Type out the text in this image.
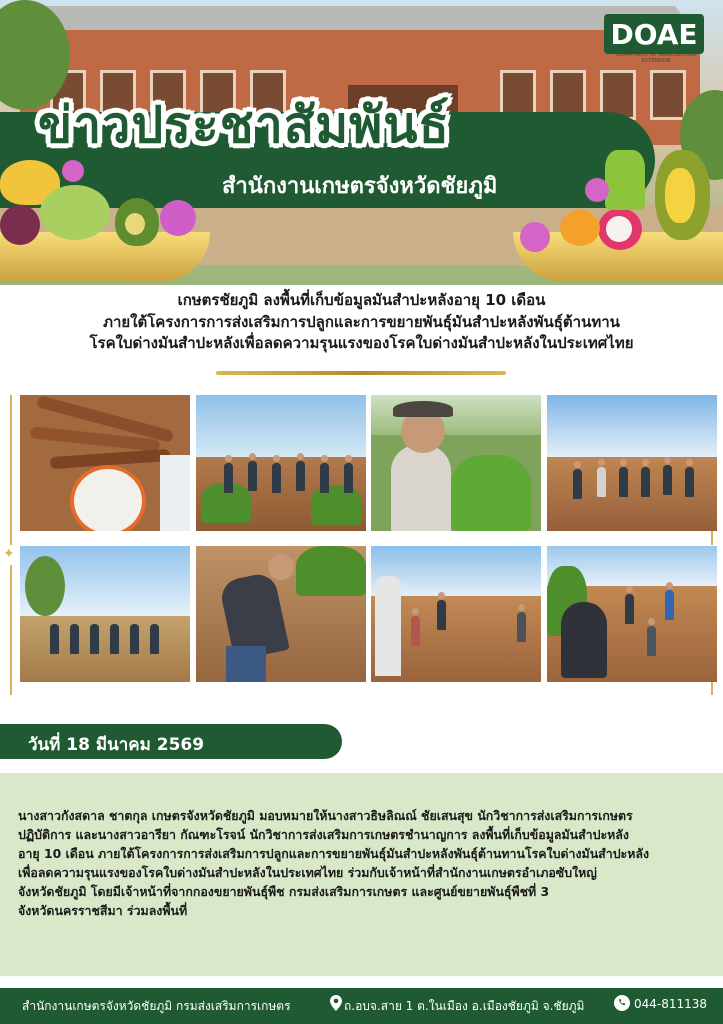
ข่าวประชาสัมพันธ์
สำนักงานเกษตรจังหวัดชัยภูมิ
DOAE
DEPARTMENT OF AGRICULTURAL EXTENSION
เกษตรชัยภูมิ ลงพื้นที่เก็บข้อมูลมันสำปะหลังอายุ 10 เดือน
ภายใต้โครงการการส่งเสริมการปลูกและการขยายพันธุ์มันสำปะหลังพันธุ์ต้านทาน
โรคใบด่างมันสำปะหลังเพื่อลดความรุนแรงของโรคใบด่างมันสำปะหลังในประเทศไทย
✦
วันที่ 18 มีนาคม 2569
นางสาวกังสดาล ชาตกุล เกษตรจังหวัดชัยภูมิ มอบหมายให้นางสาวธิษลิณณ์ ชัยเสนสุข นักวิชาการส่งเสริมการเกษตร
ปฏิบัติการ และนางสาวอารียา กัณฑะโรจน์ นักวิชาการส่งเสริมการเกษตรชำนาญการ ลงพื้นที่เก็บข้อมูลมันสำปะหลัง
อายุ 10 เดือน ภายใต้โครงการการส่งเสริมการปลูกและการขยายพันธุ์มันสำปะหลังพันธุ์ต้านทานโรคใบด่างมันสำปะหลัง
เพื่อลดความรุนแรงของโรคใบด่างมันสำปะหลังในประเทศไทย ร่วมกับเจ้าหน้าที่สำนักงานเกษตรอำเภอซับใหญ่
จังหวัดชัยภูมิ โดยมีเจ้าหน้าที่จากกองขยายพันธุ์พืช กรมส่งเสริมการเกษตร และศูนย์ขยายพันธุ์พืชที่ 3
จังหวัดนครราชสีมา ร่วมลงพื้นที่
สำนักงานเกษตรจังหวัดชัยภูมิ กรมส่งเสริมการเกษตร	ถ.อบจ.สาย 1 ต.ในเมือง อ.เมืองชัยภูมิ จ.ชัยภูมิ	044-811138
